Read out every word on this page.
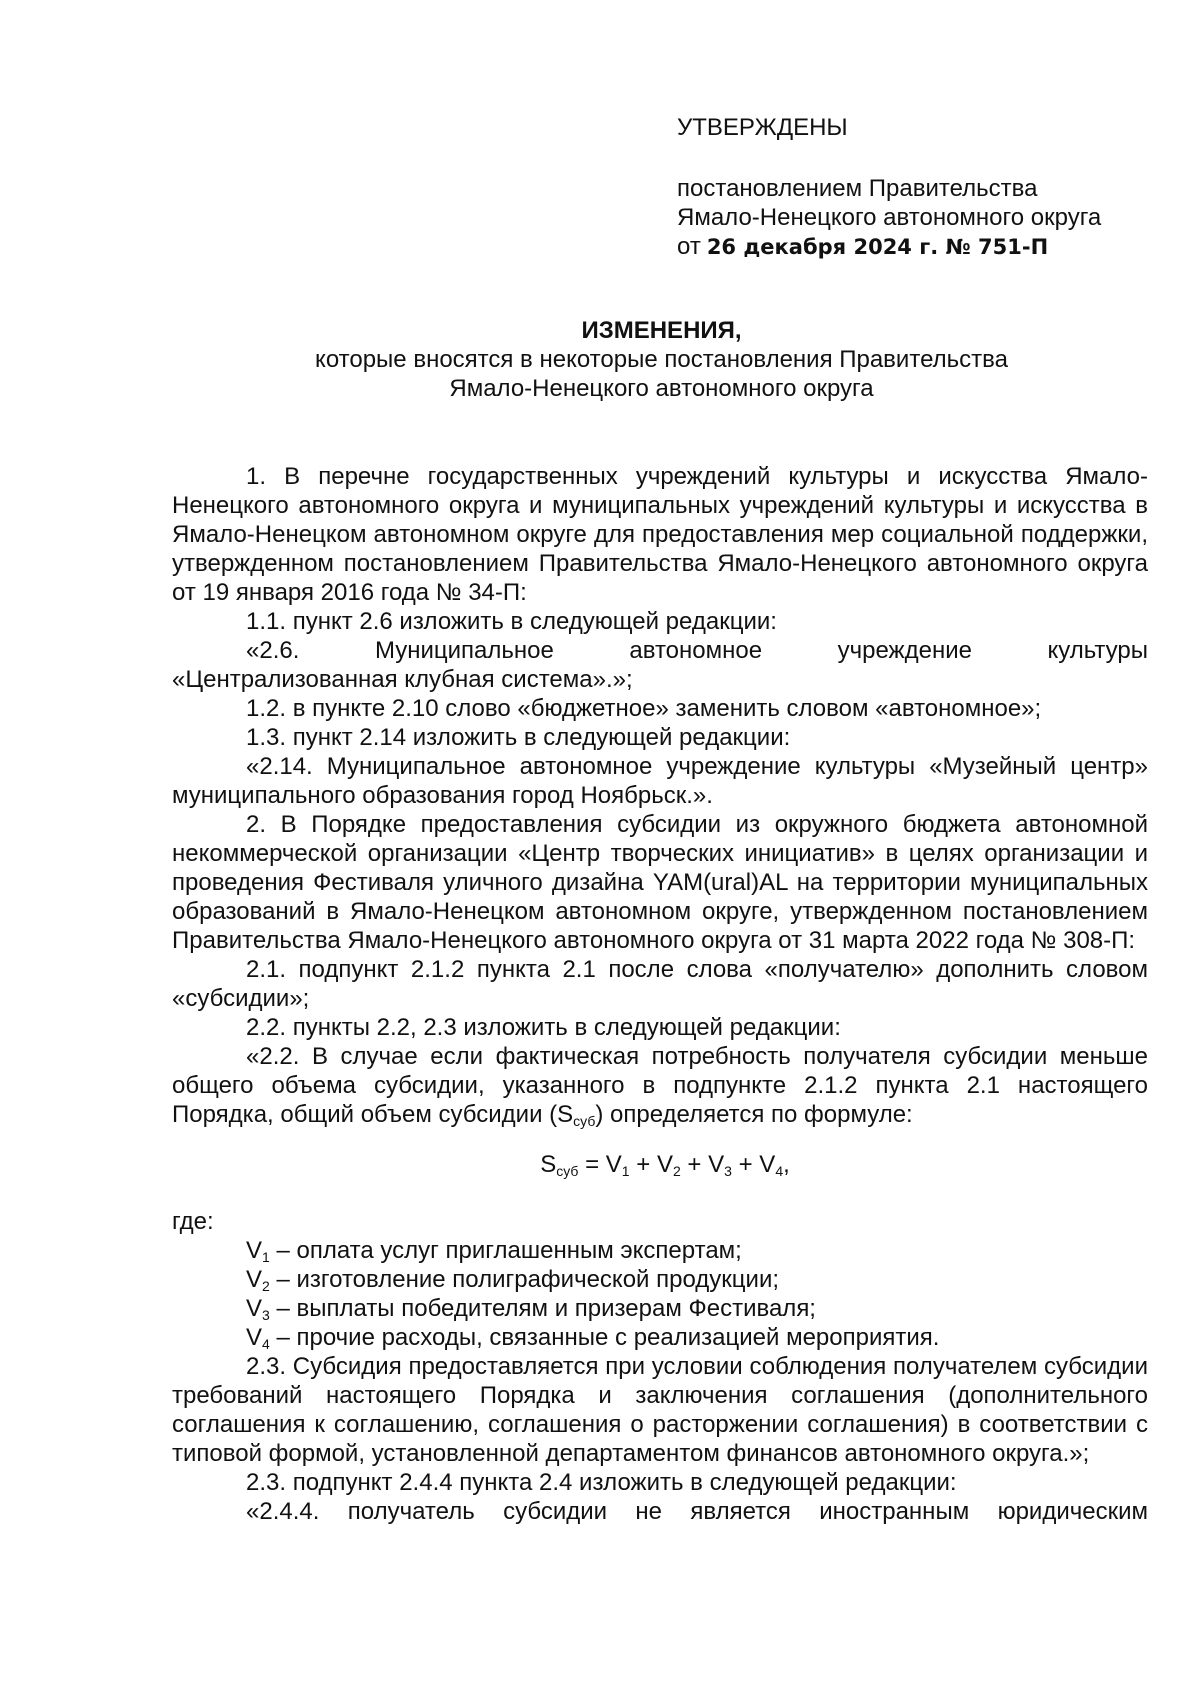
УТВЕРЖДЕНЫ
постановлением Правительства
Ямало-Ненецкого автономного округа
от 26 декабря 2024 г. № 751-П
ИЗМЕНЕНИЯ,
которые вносятся в некоторые постановления Правительства
Ямало-Ненецкого автономного округа

1. В перечне государственных учреждений культуры и искусства Ямало-Ненецкого автономного округа и муниципальных учреждений культуры и искусства в Ямало-Ненецком автономном округе для предоставления мер социальной поддержки, утвержденном постановлением Правительства Ямало-Ненецкого автономного округа от 19 января 2016 года № 34-П:

1.1. пункт 2.6 изложить в следующей редакции:

«2.6. Муниципальное автономное учреждение культуры

«Централизованная клубная система».»;

1.2. в пункте 2.10 слово «бюджетное» заменить словом «автономное»;

1.3. пункт 2.14 изложить в следующей редакции:

«2.14. Муниципальное автономное учреждение культуры «Музейный центр» муниципального образования город Ноябрьск.».

2. В Порядке предоставления субсидии из окружного бюджета автономной некоммерческой организации «Центр творческих инициатив» в целях организации и проведения Фестиваля уличного дизайна YAM(ural)AL на территории муниципальных образований в Ямало-Ненецком автономном округе, утвержденном постановлением Правительства Ямало-Ненецкого автономного округа от 31 марта 2022 года № 308-П:

2.1. подпункт 2.1.2 пункта 2.1 после слова «получателю» дополнить словом «субсидии»;

2.2. пункты 2.2, 2.3 изложить в следующей редакции:

«2.2. В случае если фактическая потребность получателя субсидии меньше общего объема субсидии, указанного в подпункте 2.1.2 пункта 2.1 настоящего Порядка, общий объем субсидии $(S_{суб})$ определяется по формуле:

$S_{суб} = V_1 + V_2 + V_3 + V_4$,

где:

$V_1$ – оплата услуг приглашенным экспертам;

$V_2$ – изготовление полиграфической продукции;

$V_3$ – выплаты победителям и призерам Фестиваля;

$V_4$ – прочие расходы, связанные с реализацией мероприятия.

2.3. Субсидия предоставляется при условии соблюдения получателем субсидии требований настоящего Порядка и заключения соглашения (дополнительного соглашения к соглашению, соглашения о расторжении соглашения) в соответствии с типовой формой, установленной департаментом финансов автономного округа.»;

2.3. подпункт 2.4.4 пункта 2.4 изложить в следующей редакции:

«2.4.4. получатель субсидии не является иностранным юридическим
